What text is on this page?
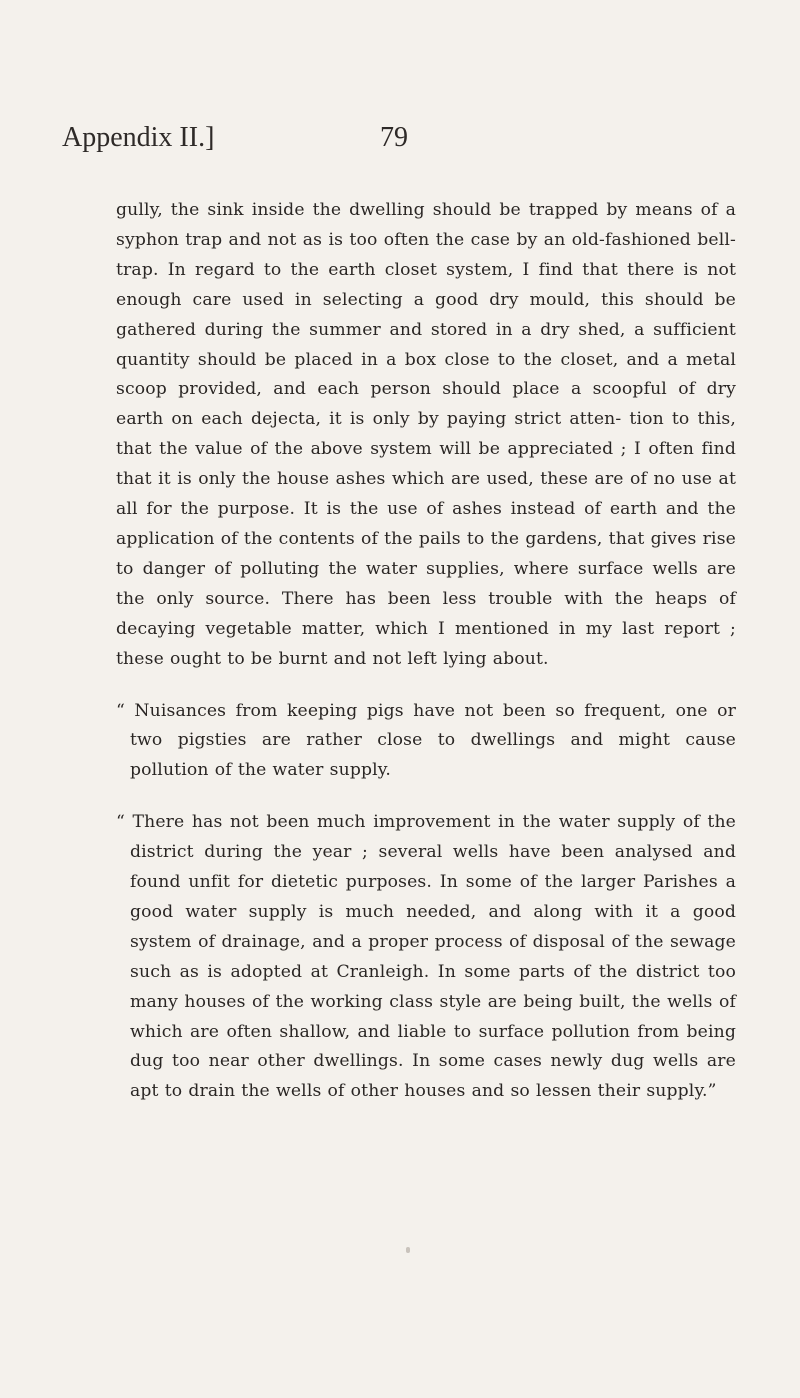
Appendix II.]	79

gully, the sink inside the dwelling should be trapped by means of a syphon trap and not as is too often the case by an old-fashioned bell-trap. In regard to the earth closet system, I find that there is not enough care used in selecting a good dry mould, this should be gathered during the summer and stored in a dry shed, a sufficient quantity should be placed in a box close to the closet, and a metal scoop provided, and each person should place a scoopful of dry earth on each dejecta, it is only by paying strict atten- tion to this, that the value of the above system will be appreciated ; I often find that it is only the house ashes which are used, these are of no use at all for the purpose. It is the use of ashes instead of earth and the application of the contents of the pails to the gardens, that gives rise to danger of polluting the water supplies, where surface wells are the only source. There has been less trouble with the heaps of decaying vegetable matter, which I mentioned in my last report ; these ought to be burnt and not left lying about.

“ Nuisances from keeping pigs have not been so frequent, one or two pigsties are rather close to dwellings and might cause pollution of the water supply.

“ There has not been much improvement in the water supply of the district during the year ; several wells have been analysed and found unfit for dietetic purposes. In some of the larger Parishes a good water supply is much needed, and along with it a good system of drainage, and a proper process of disposal of the sewage such as is adopted at Cranleigh. In some parts of the district too many houses of the working class style are being built, the wells of which are often shallow, and liable to surface pollution from being dug too near other dwellings. In some cases newly dug wells are apt to drain the wells of other houses and so lessen their supply.”
